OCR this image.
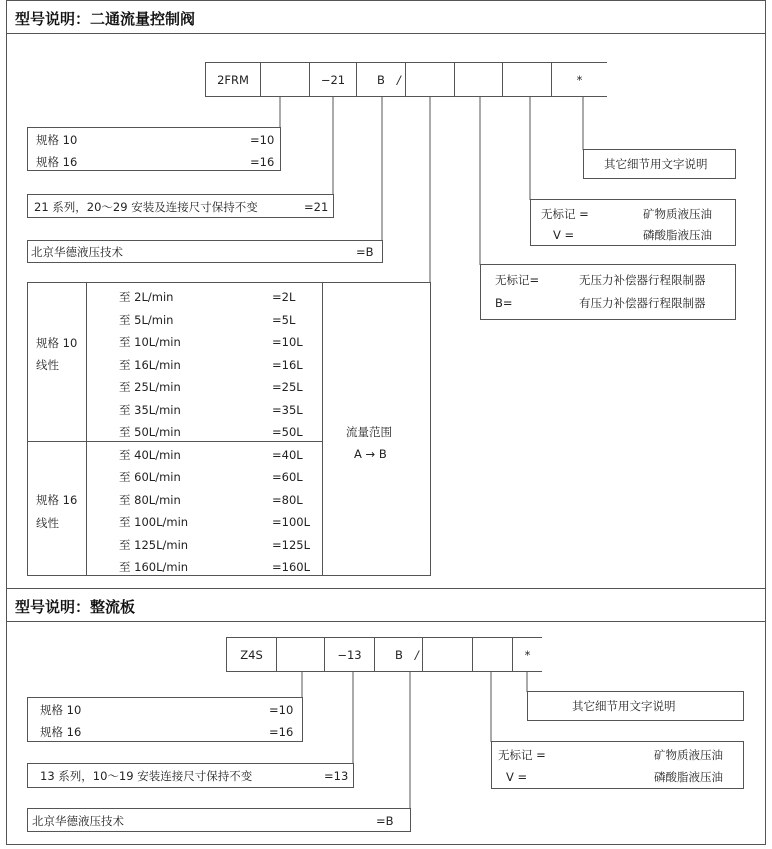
型号说明：二通流量控制阀
2FRM	−21	B /	*
规格 10	=10
规格 16	=16
21 系列，20～29 安装及连接尺寸保持不变	=21
北京华德液压技术	=B
其它细节用文字说明
无标记 =	矿物质液压油
V =	磷酸脂液压油
无标记=	无压力补偿器行程限制器
B=	有压力补偿器行程限制器
规格 10
线性
规格 16
线性
至 2L/min	=2L
至 5L/min	=5L
至 10L/min	=10L
至 16L/min	=16L
至 25L/min	=25L
至 35L/min	=35L
至 50L/min	=50L
至 40L/min	=40L
至 60L/min	=60L
至 80L/min	=80L
至 100L/min	=100L
至 125L/min	=125L
至 160L/min	=160L
流量范围
A → B
型号说明：整流板
Z4S	−13	B /	*
规格 10	=10
规格 16	=16
13 系列，10～19 安装连接尺寸保持不变	=13
北京华德液压技术	=B
其它细节用文字说明
无标记 =	矿物质液压油
V =	磷酸脂液压油
